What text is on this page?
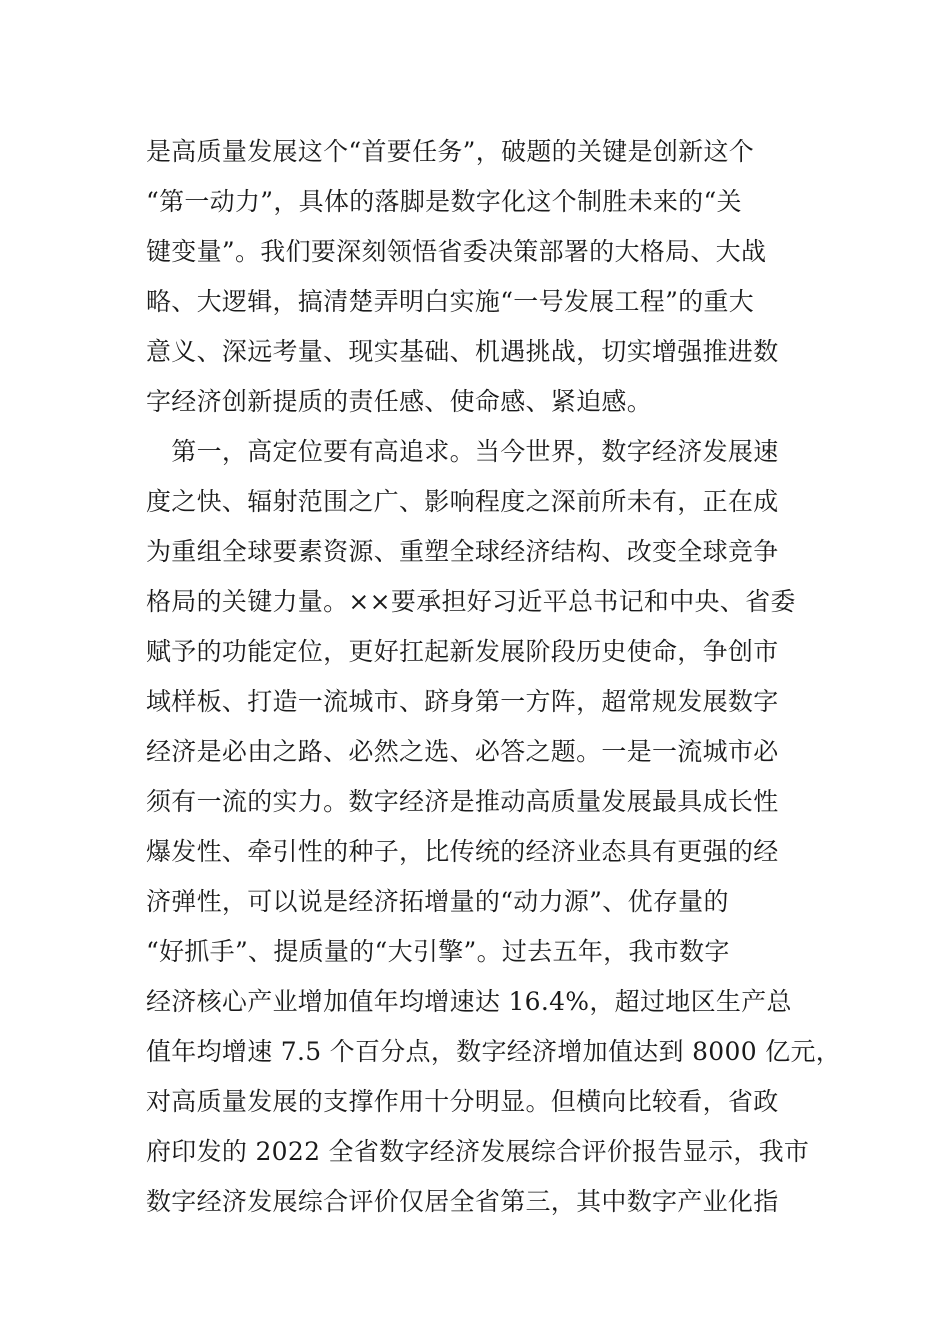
是高质量发展这个“首要任务”，破题的关键是创新这个
“第一动力”，具体的落脚是数字化这个制胜未来的“关
键变量”。我们要深刻领悟省委决策部署的大格局、大战
略、大逻辑，搞清楚弄明白实施“一号发展工程”的重大
意义、深远考量、现实基础、机遇挑战，切实增强推进数
字经济创新提质的责任感、使命感、紧迫感。
　第一，高定位要有高追求。当今世界，数字经济发展速
度之快、辐射范围之广、影响程度之深前所未有，正在成
为重组全球要素资源、重塑全球经济结构、改变全球竞争
格局的关键力量。××要承担好习近平总书记和中央、省委
赋予的功能定位，更好扛起新发展阶段历史使命，争创市
域样板、打造一流城市、跻身第一方阵，超常规发展数字
经济是必由之路、必然之选、必答之题。一是一流城市必
须有一流的实力。数字经济是推动高质量发展最具成长性
爆发性、牵引性的种子，比传统的经济业态具有更强的经
济弹性，可以说是经济拓增量的“动力源”、优存量的
“好抓手”、提质量的“大引擎”。过去五年，我市数字
经济核心产业增加值年均增速达 16.4%，超过地区生产总
值年均增速 7.5 个百分点，数字经济增加值达到 8000 亿元，
对高质量发展的支撑作用十分明显。但横向比较看，省政
府印发的 2022 全省数字经济发展综合评价报告显示，我市
数字经济发展综合评价仅居全省第三，其中数字产业化指
